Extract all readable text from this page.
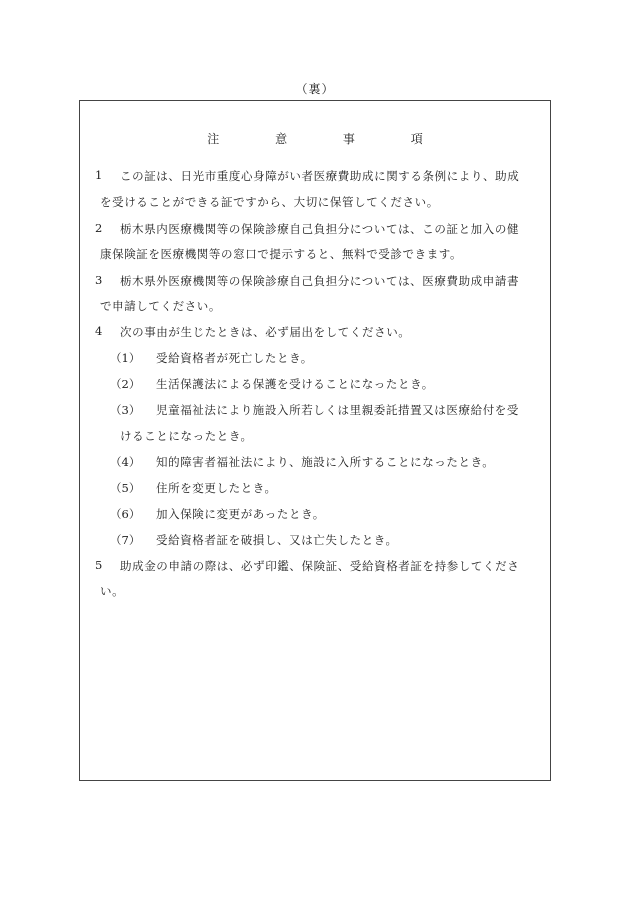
（裏）
注	意	事	項
1 この証は、日光市重度心身障がい者医療費助成に関する条例により、助成
を受けることができる証ですから、大切に保管してください。
2 栃木県内医療機関等の保険診療自己負担分については、この証と加入の健
康保険証を医療機関等の窓口で提示すると、無料で受診できます。
3 栃木県外医療機関等の保険診療自己負担分については、医療費助成申請書
で申請してください。
4 次の事由が生じたときは、必ず届出をしてください。
（1） 受給資格者が死亡したとき。
（2） 生活保護法による保護を受けることになったとき。
（3） 児童福祉法により施設入所若しくは里親委託措置又は医療給付を受
けることになったとき。
（4） 知的障害者福祉法により、施設に入所することになったとき。
（5） 住所を変更したとき。
（6） 加入保険に変更があったとき。
（7） 受給資格者証を破損し、又は亡失したとき。
5 助成金の申請の際は、必ず印鑑、保険証、受給資格者証を持参してくださ
い。
